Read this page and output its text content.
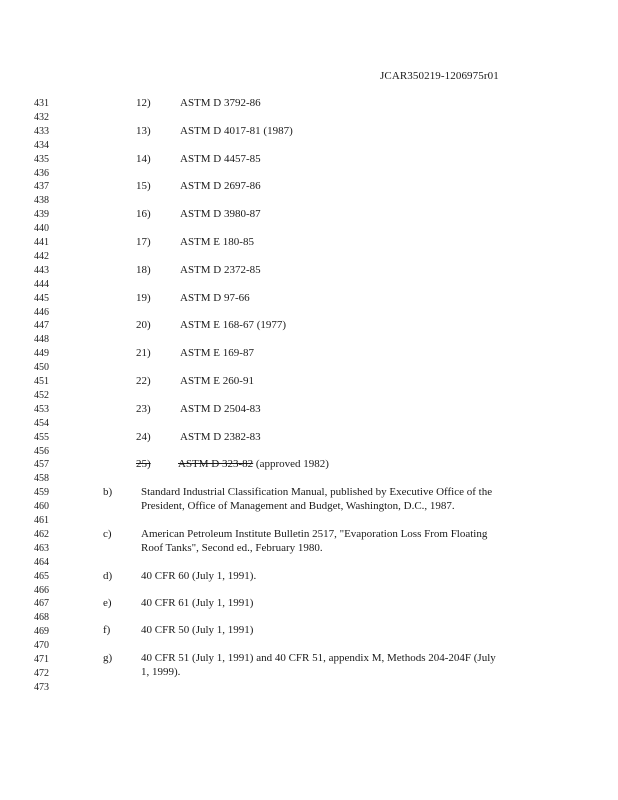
JCAR350219-1206975r01
431
432
433
434
435
436
437
438
439
440
441
442
443
444
445
446
447
448
449
450
451
452
453
454
455
456
457
458
459
460
461
462
463
464
465
466
467
468
469
470
471
472
473
12)	ASTM D 3792-86
13)	ASTM D 4017-81 (1987)
14)	ASTM D 4457-85
15)	ASTM D 2697-86
16)	ASTM D 3980-87
17)	ASTM E 180-85
18)	ASTM D 2372-85
19)	ASTM D 97-66
20)	ASTM E 168-67 (1977)
21)	ASTM E 169-87
22)	ASTM E 260-91
23)	ASTM D 2504-83
24)	ASTM D 2382-83
25) ASTM D 323-82 (approved 1982)
b)	Standard Industrial Classification Manual, published by Executive Office of the
President, Office of Management and Budget, Washington, D.C., 1987.
c)	American Petroleum Institute Bulletin 2517, "Evaporation Loss From Floating
Roof Tanks", Second ed., February 1980.
d)	40 CFR 60 (July 1, 1991).
e)	40 CFR 61 (July 1, 1991)
f)	40 CFR 50 (July 1, 1991)
g)	40 CFR 51 (July 1, 1991) and 40 CFR 51, appendix M, Methods 204-204F (July
1, 1999).
